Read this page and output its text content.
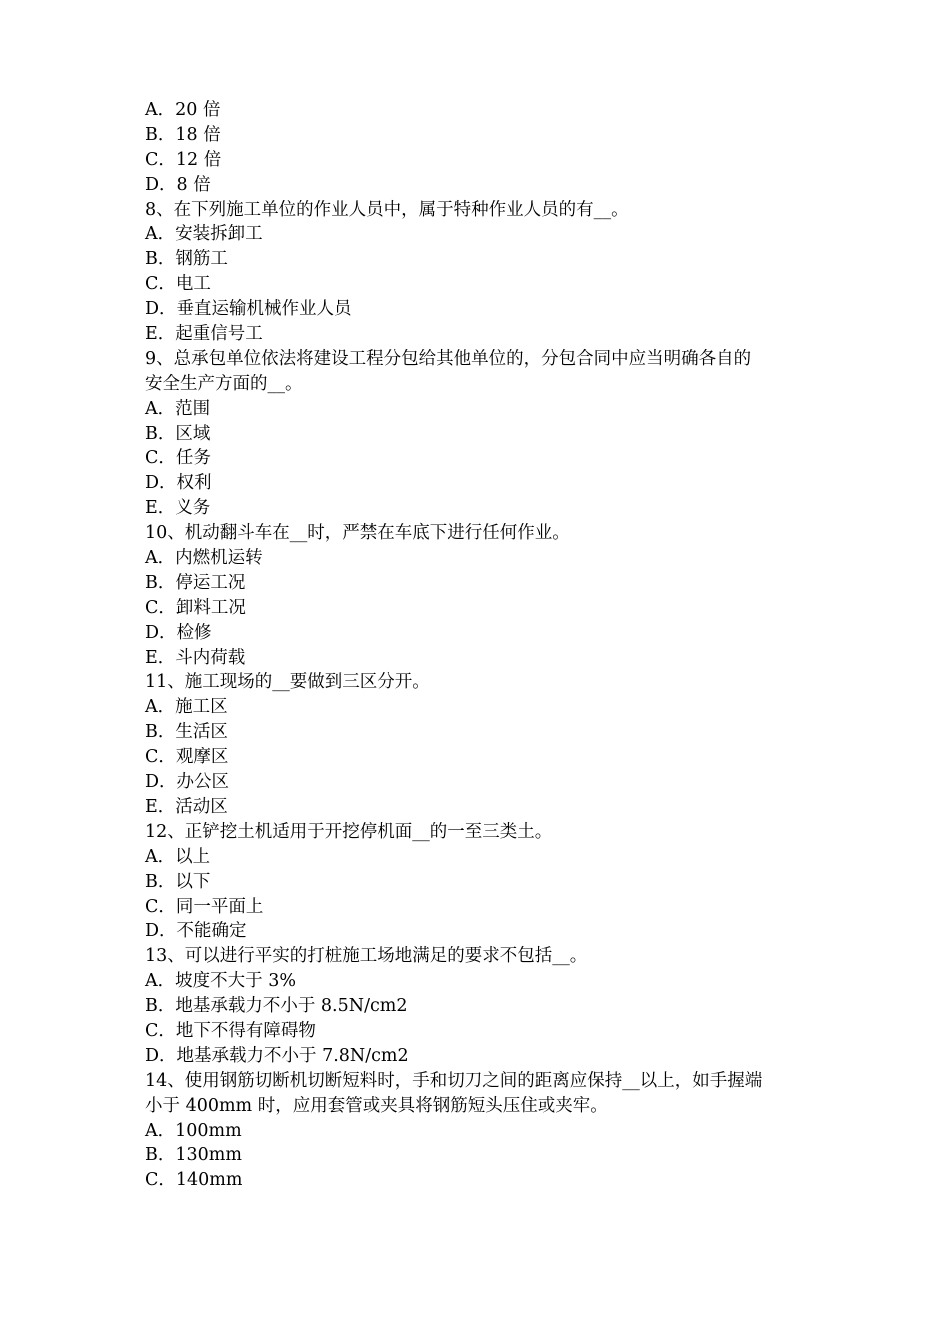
A．20 倍
B．18 倍
C．12 倍
D．8 倍
8、在下列施工单位的作业人员中，属于特种作业人员的有__。
A．安装拆卸工
B．钢筋工
C．电工
D．垂直运输机械作业人员
E．起重信号工
9、总承包单位依法将建设工程分包给其他单位的，分包合同中应当明确各自的
安全生产方面的__。
A．范围
B．区域
C．任务
D．权利
E．义务
10、机动翻斗车在__时，严禁在车底下进行任何作业。
A．内燃机运转
B．停运工况
C．卸料工况
D．检修
E．斗内荷载
11、施工现场的__要做到三区分开。
A．施工区
B．生活区
C．观摩区
D．办公区
E．活动区
12、正铲挖土机适用于开挖停机面__的一至三类土。
A．以上
B．以下
C．同一平面上
D．不能确定
13、可以进行平实的打桩施工场地满足的要求不包括__。
A．坡度不大于 3%
B．地基承载力不小于 8.5N/cm2
C．地下不得有障碍物
D．地基承载力不小于 7.8N/cm2
14、使用钢筋切断机切断短料时，手和切刀之间的距离应保持__以上，如手握端
小于 400mm 时，应用套管或夹具将钢筋短头压住或夹牢。
A．100mm
B．130mm
C．140mm
